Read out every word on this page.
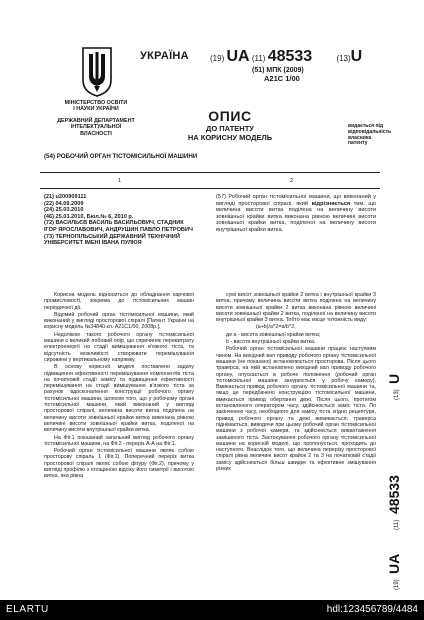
УКРАЇНА	(19) UA (11) 48533	(13)U
(51) МПК (2009)
A21C 1/00
МІНІСТЕРСТВО ОСВІТИ
І НАУКИ УКРАЇНИ
ДЕРЖАВНИЙ ДЕПАРТАМЕНТ
ІНТЕЛЕКТУАЛЬНОЇ
ВЛАСНОСТІ
ОПИС
ДО ПАТЕНТУ
НА КОРИСНУ МОДЕЛЬ
видається під
відповідальність
власника
патенту
(54) РОБОЧИЙ ОРГАН ТІСТОМІСИЛЬНОЇ МАШИНИ
1	2

(21) u200909111

(22) 04.09.2009

(24) 25.03.2010

(46) 25.03.2010, Бюл.№ 6, 2010 р.

(72) ВАСИЛЬЄВ ВАСИЛЬ ВАСИЛЬОВИЧ, СТАДНИК ІГОР ЯРОСЛАВОВИЧ, АНДРУШИН ПАВЛО ПЕТРОВИЧ

(73) ТЕРНОПІЛЬСЬКИЙ ДЕРЖАВНИЙ ТЕХНІЧНИЙ УНІВЕРСИТЕТ ІМЕНІ ІВАНА ПУЛЮЯ

(57) Робочий орган тістомісильної машини, що виконаний у вигляді просторової спіралі, який відрізняється тим, що величина висоти витка поділена на величину висоти зовнішньої крайки витка виконана рівною величині висоти зовнішньої крайки витка, поділеної на величину висоти внутрішньої крайки витка.

Корисна модель відноситься до обладнання харчової промисловості, зокрема до тістомісильних машин періодичної дії.

Відомий робочий орган тістомісильної машини, який виконаний у вигляді просторової спіралі [Патент України на корисну модель №34840 кл. A21C1/00, 2008р.].

Недоліком такого робочого органу тістомісильної машини є великий лобовий опір, що спричиняє перевитрату електроенергії на стадії вимішування в'язкого тіста, та відсутність можливості створювати перемішування сировини у вертикальному напрямку.

В основу корисної моделі поставлено задачу підвищення ефективності перемішування компонентів тіста на початковій стадії замісу та підвищення ефективності перемішування на стадії вимішування в'язкого тіста за рахунок вдосконалення конструкції робочого органу тістомісильної машини, шляхом того, що у робочому органі тістомісильної машини, який виконаний у вигляді просторової спіралі, величина висоти витка поділена на величину висоти зовнішньої крайки витка виконана рівною величині висоти зовнішньої крайки витка, поділеної на величину висоти внутрішньої крайки витка.

На Фіг.1 показаний загальний вигляд робочого органу тістомісильної машини, на Фіг.2 - переріз А-А на Фіг.1.

Робочий орган тістомісильної машини являє собою просторову спіраль 1 (Фіг.1). Поперечний переріз витка просторової спіралі являє собою фігуру (Фіг.2), причому у вигляді профілю з площиною відсіку його симетрії і висотою витка, яка рівна

сумі висот зовнішньої крайки 2 витка і внутрішньої крайки 3 витка, причому величина висоти витка поділена на величину висоти зовнішньої крайки 2 витка виконана рівною величині висоти зовнішньої крайки 2 витка, поділеної на величину висоти внутрішньої крайки 3 витка. Тобто має місце тотожність виду:

(a+b)/a^2=a/b^2,

де a - висота зовнішньої крайки витка;

b - висота внутрішньої крайки витка.

Робочий орган тістомісильної машини працює наступним чином. На вихідний вал приводу робочого органу тістомісильної машини (не показано) встановлюється просторова. Після цього траверса, на якій встановлено вихідний вал приводу робочого органу, опускається в робоче положення (робочий орган тістомісильної машини занурюється у робочу камеру). Вмикається привод робочого органу тістомісильної машини та, якщо це передбачено конструкцією тістомісильної машини, вмикається привод обертання дежі. Після цього, протягом встановленого оператором часу, здійснюється заміс тіста. По закінченню часу, необхідного для замісу тіста згідно рецептури, привод робочого органу та дежі вимикається, траверса піднімається, виводячи при цьому робочий орган тістомісильної машини з робочої камери, та здійснюється вивантаження замішеного тіста. Застосування робочого органу тістомісильної машини на корисній моделі, що пропонується, проходить до наступного. Внаслідок того, що величина перерізу просторової спіралі рівна величині висот крайок 2 та 3 на початковій стадії замісу здійснюється більш швидке та ефективне змішування різних

(19)
UA
(11)
48533
(13)
U
ELARTU	hdl:123456789/4484
